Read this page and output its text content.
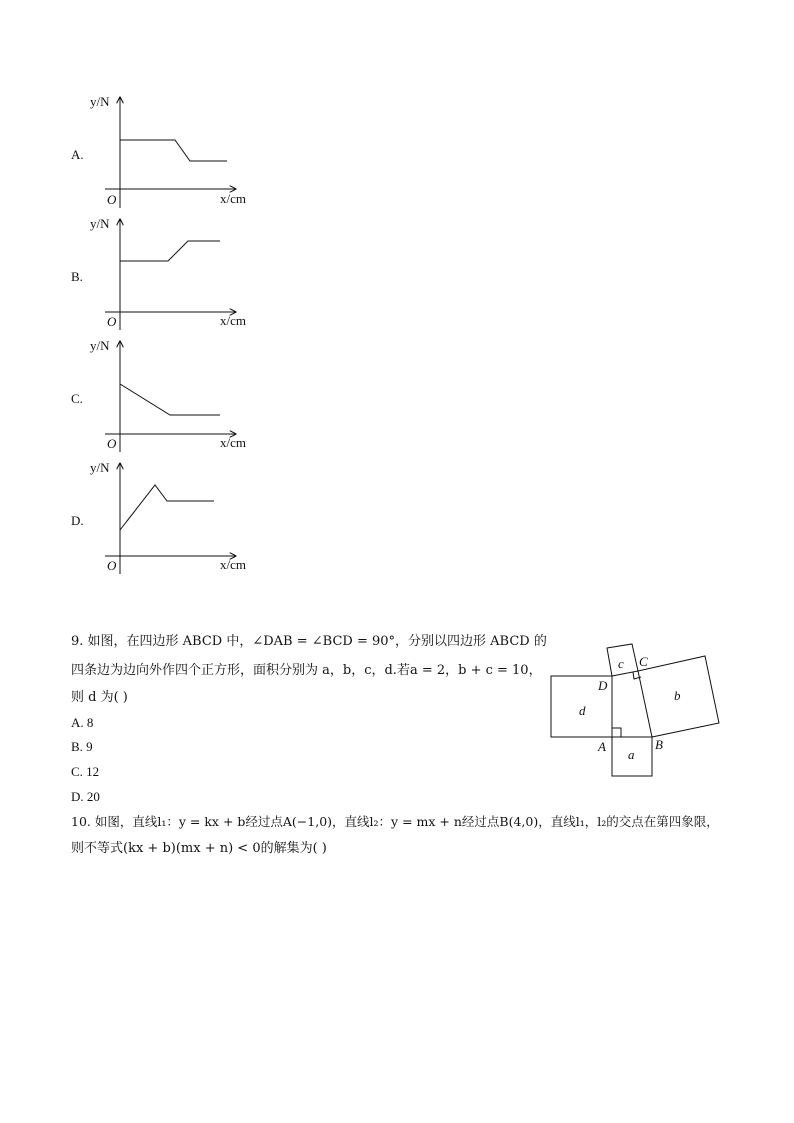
A.
y/N
O	x/cm
B.
y/N
O	x/cm
C.
y/N
O	x/cm
D.
y/N
O	x/cm
9. 如图，在四边形 ABCD 中，∠DAB = ∠BCD = 90°，分别以四边形 ABCD 的
四条边为边向外作四个正方形，面积分别为 a，b，c，d.若a = 2，b + c = 10，
则 d 为( )
A. 8
B. 9
C. 12
D. 20
D
A	B
C
d
a
c
b
10. 如图，直线l₁：y = kx + b经过点A(−1,0)，直线l₂：y = mx + n经过点B(4,0)，直线l₁，l₂的交点在第四象限，
则不等式(kx + b)(mx + n) < 0的解集为( )
